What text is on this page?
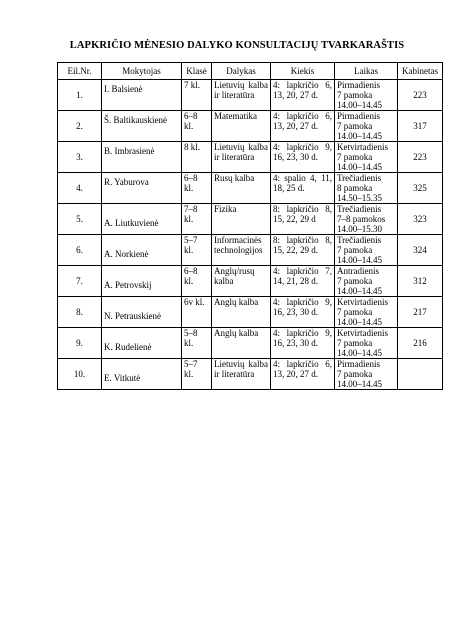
LAPKRIČIO MĖNESIO DALYKO KONSULTACIJŲ TVARKARAŠTIS
Eil.Nr.	Mokytojas	Klasė	Dalykas	Kiekis	Laikas	Kabinetas
1.	I. Balsienė	7 kl.	Lietuvių kalba
ir literatūra	4: lapkričio 6,
13, 20, 27 d.	Pirmadienis
7 pamoka
14.00–14.45	223
2.	Š. Baltikauskienė	6–8
kl.	Matematika	4: lapkričio 6,
13, 20, 27 d.	Pirmadienis
7 pamoka
14.00–14.45	317
3.	B. Imbrasienė	8 kl.	Lietuvių kalba
ir literatūra	4: lapkričio 9,
16, 23, 30 d.	Ketvirtadienis
7 pamoka
14.00–14.45	223
4.	R. Yaburova	6–8
kl.	Rusų kalba	4: spalio 4, 11,
18, 25 d.	Trečiadienis
8 pamoka
14.50–15.35	325
5.	A. Liutkuvienė	7–8
kl.	Fizika	8: lapkričio 8,
15, 22, 29 d	Trečiadienis
7–8 pamokos
14.00–15.30	323
6.	A. Norkienė	5–7
kl.	Informacinės
technologijos	8: lapkričio 8,
15, 22, 29 d.	Trečiadienis
7 pamoka
14.00–14.45	324
7.	A. Petrovskij	6–8
kl.	Anglų/rusų
kalba	4: lapkričio 7,
14, 21, 28 d.	Antradienis
7 pamoka
14.00–14.45	312
8.	N. Petrauskienė	6v kl.	Anglų kalba	4: lapkričio 9,
16, 23, 30 d.	Ketvirtadienis
7 pamoka
14.00–14.45	217
9.	K. Rudelienė	5–8
kl.	Anglų kalba	4: lapkričio 9,
16, 23, 30 d.	Ketvirtadienis
7 pamoka
14.00–14.45	216
10.	E. Vitkutė	5–7
kl.	Lietuvių kalba
ir literatūra	4: lapkričio 6,
13, 20, 27 d.	Pirmadienis
7 pamoka
14.00–14.45	
